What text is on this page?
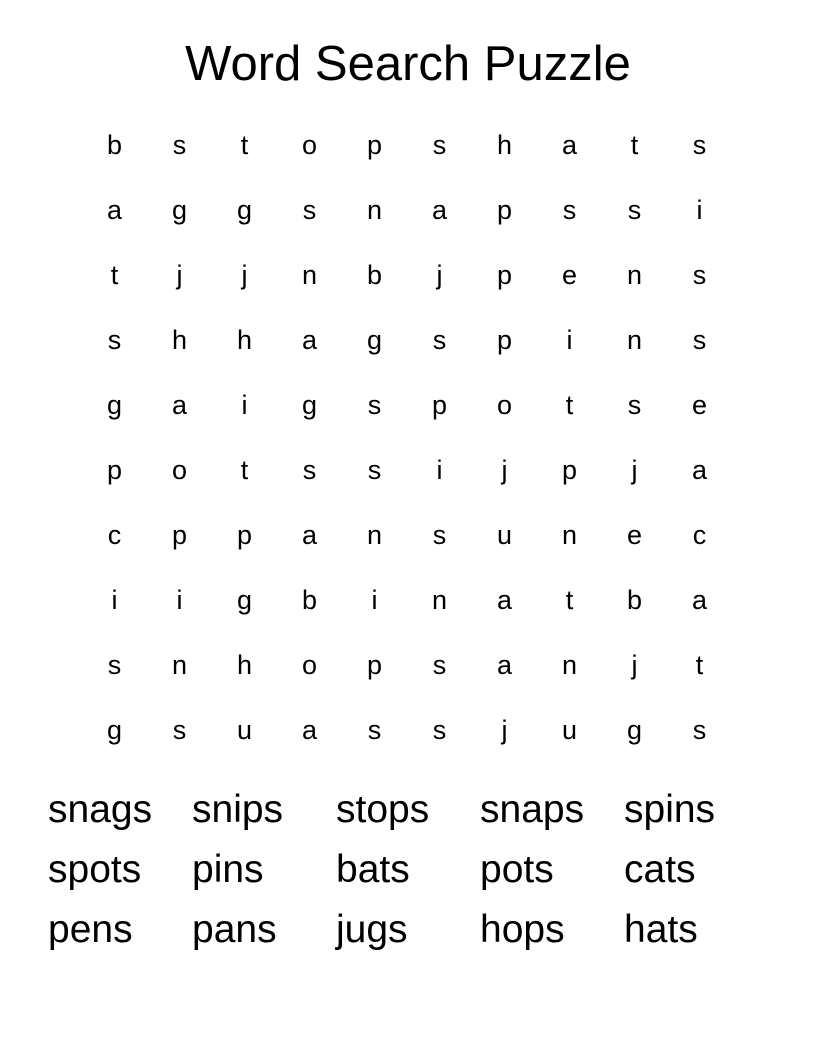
Word Search Puzzle
b	s	t	o	p	s	h	a	t	s
a	g	g	s	n	a	p	s	s	i
t	j	j	n	b	j	p	e	n	s
s	h	h	a	g	s	p	i	n	s
g	a	i	g	s	p	o	t	s	e
p	o	t	s	s	i	j	p	j	a
c	p	p	a	n	s	u	n	e	c
i	i	g	b	i	n	a	t	b	a
s	n	h	o	p	s	a	n	j	t
g	s	u	a	s	s	j	u	g	s
snags	snips	stops	snaps	spins
spots	pins	bats	pots	cats
pens	pans	jugs	hops	hats
